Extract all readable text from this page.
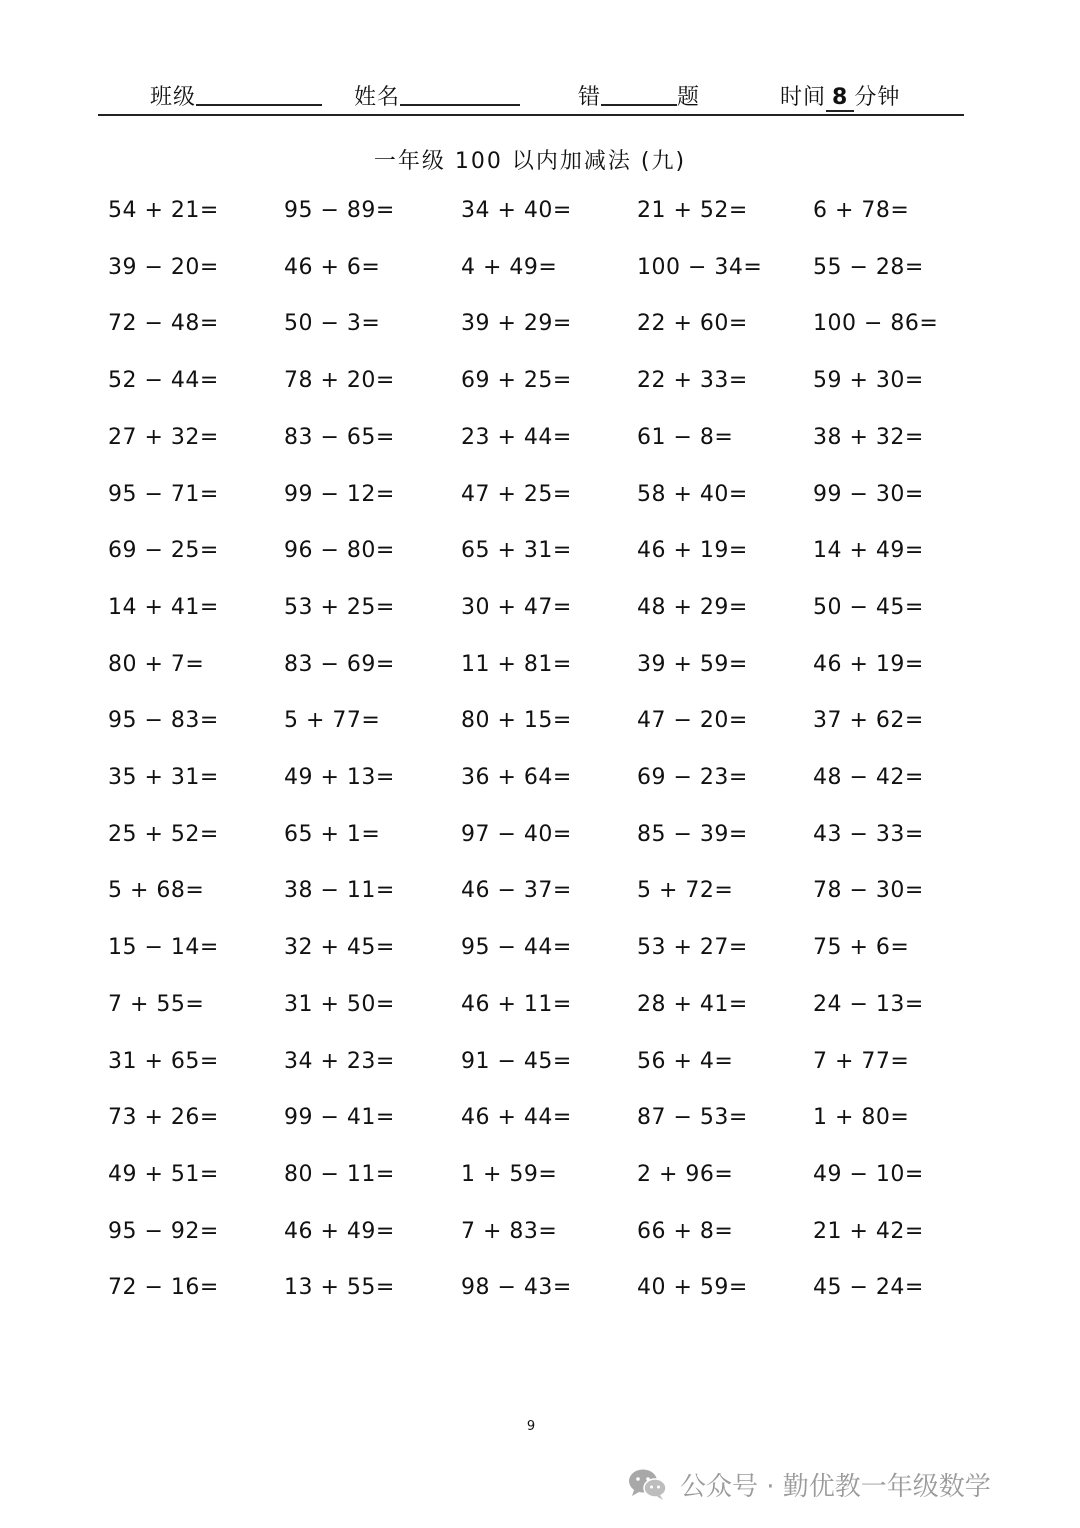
班级	姓名	错	题	时间 8 分钟
一年级 100 以内加减法 (九)
54 + 21=	95 − 89=	34 + 40=	21 + 52=	6 + 78=
39 − 20=	46 + 6=	4 + 49=	100 − 34= 55 − 28=
72 − 48=	50 − 3=	39 + 29=	22 + 60=	100 − 86=
52 − 44=	78 + 20=	69 + 25=	22 + 33=	59 + 30=
27 + 32=	83 − 65=	23 + 44=	61 − 8=	38 + 32=
95 − 71=	99 − 12=	47 + 25=	58 + 40=	99 − 30=
69 − 25=	96 − 80=	65 + 31=	46 + 19=	14 + 49=
14 + 41=	53 + 25=	30 + 47=	48 + 29=	50 − 45=
80 + 7=	83 − 69=	11 + 81=	39 + 59=	46 + 19=
95 − 83=	5 + 77=	80 + 15=	47 − 20=	37 + 62=
35 + 31=	49 + 13=	36 + 64=	69 − 23=	48 − 42=
25 + 52=	65 + 1=	97 − 40=	85 − 39=	43 − 33=
5 + 68=	38 − 11=	46 − 37=	5 + 72=	78 − 30=
15 − 14=	32 + 45=	95 − 44=	53 + 27=	75 + 6=
7 + 55=	31 + 50=	46 + 11=	28 + 41=	24 − 13=
31 + 65=	34 + 23=	91 − 45=	56 + 4=	7 + 77=
73 + 26=	99 − 41=	46 + 44=	87 − 53=	1 + 80=
49 + 51=	80 − 11=	1 + 59=	2 + 96=	49 − 10=
95 − 92=	46 + 49=	7 + 83=	66 + 8=	21 + 42=
72 − 16=	13 + 55=	98 − 43=	40 + 59=	45 − 24=
9
公众号 · 勤优教一年级数学
